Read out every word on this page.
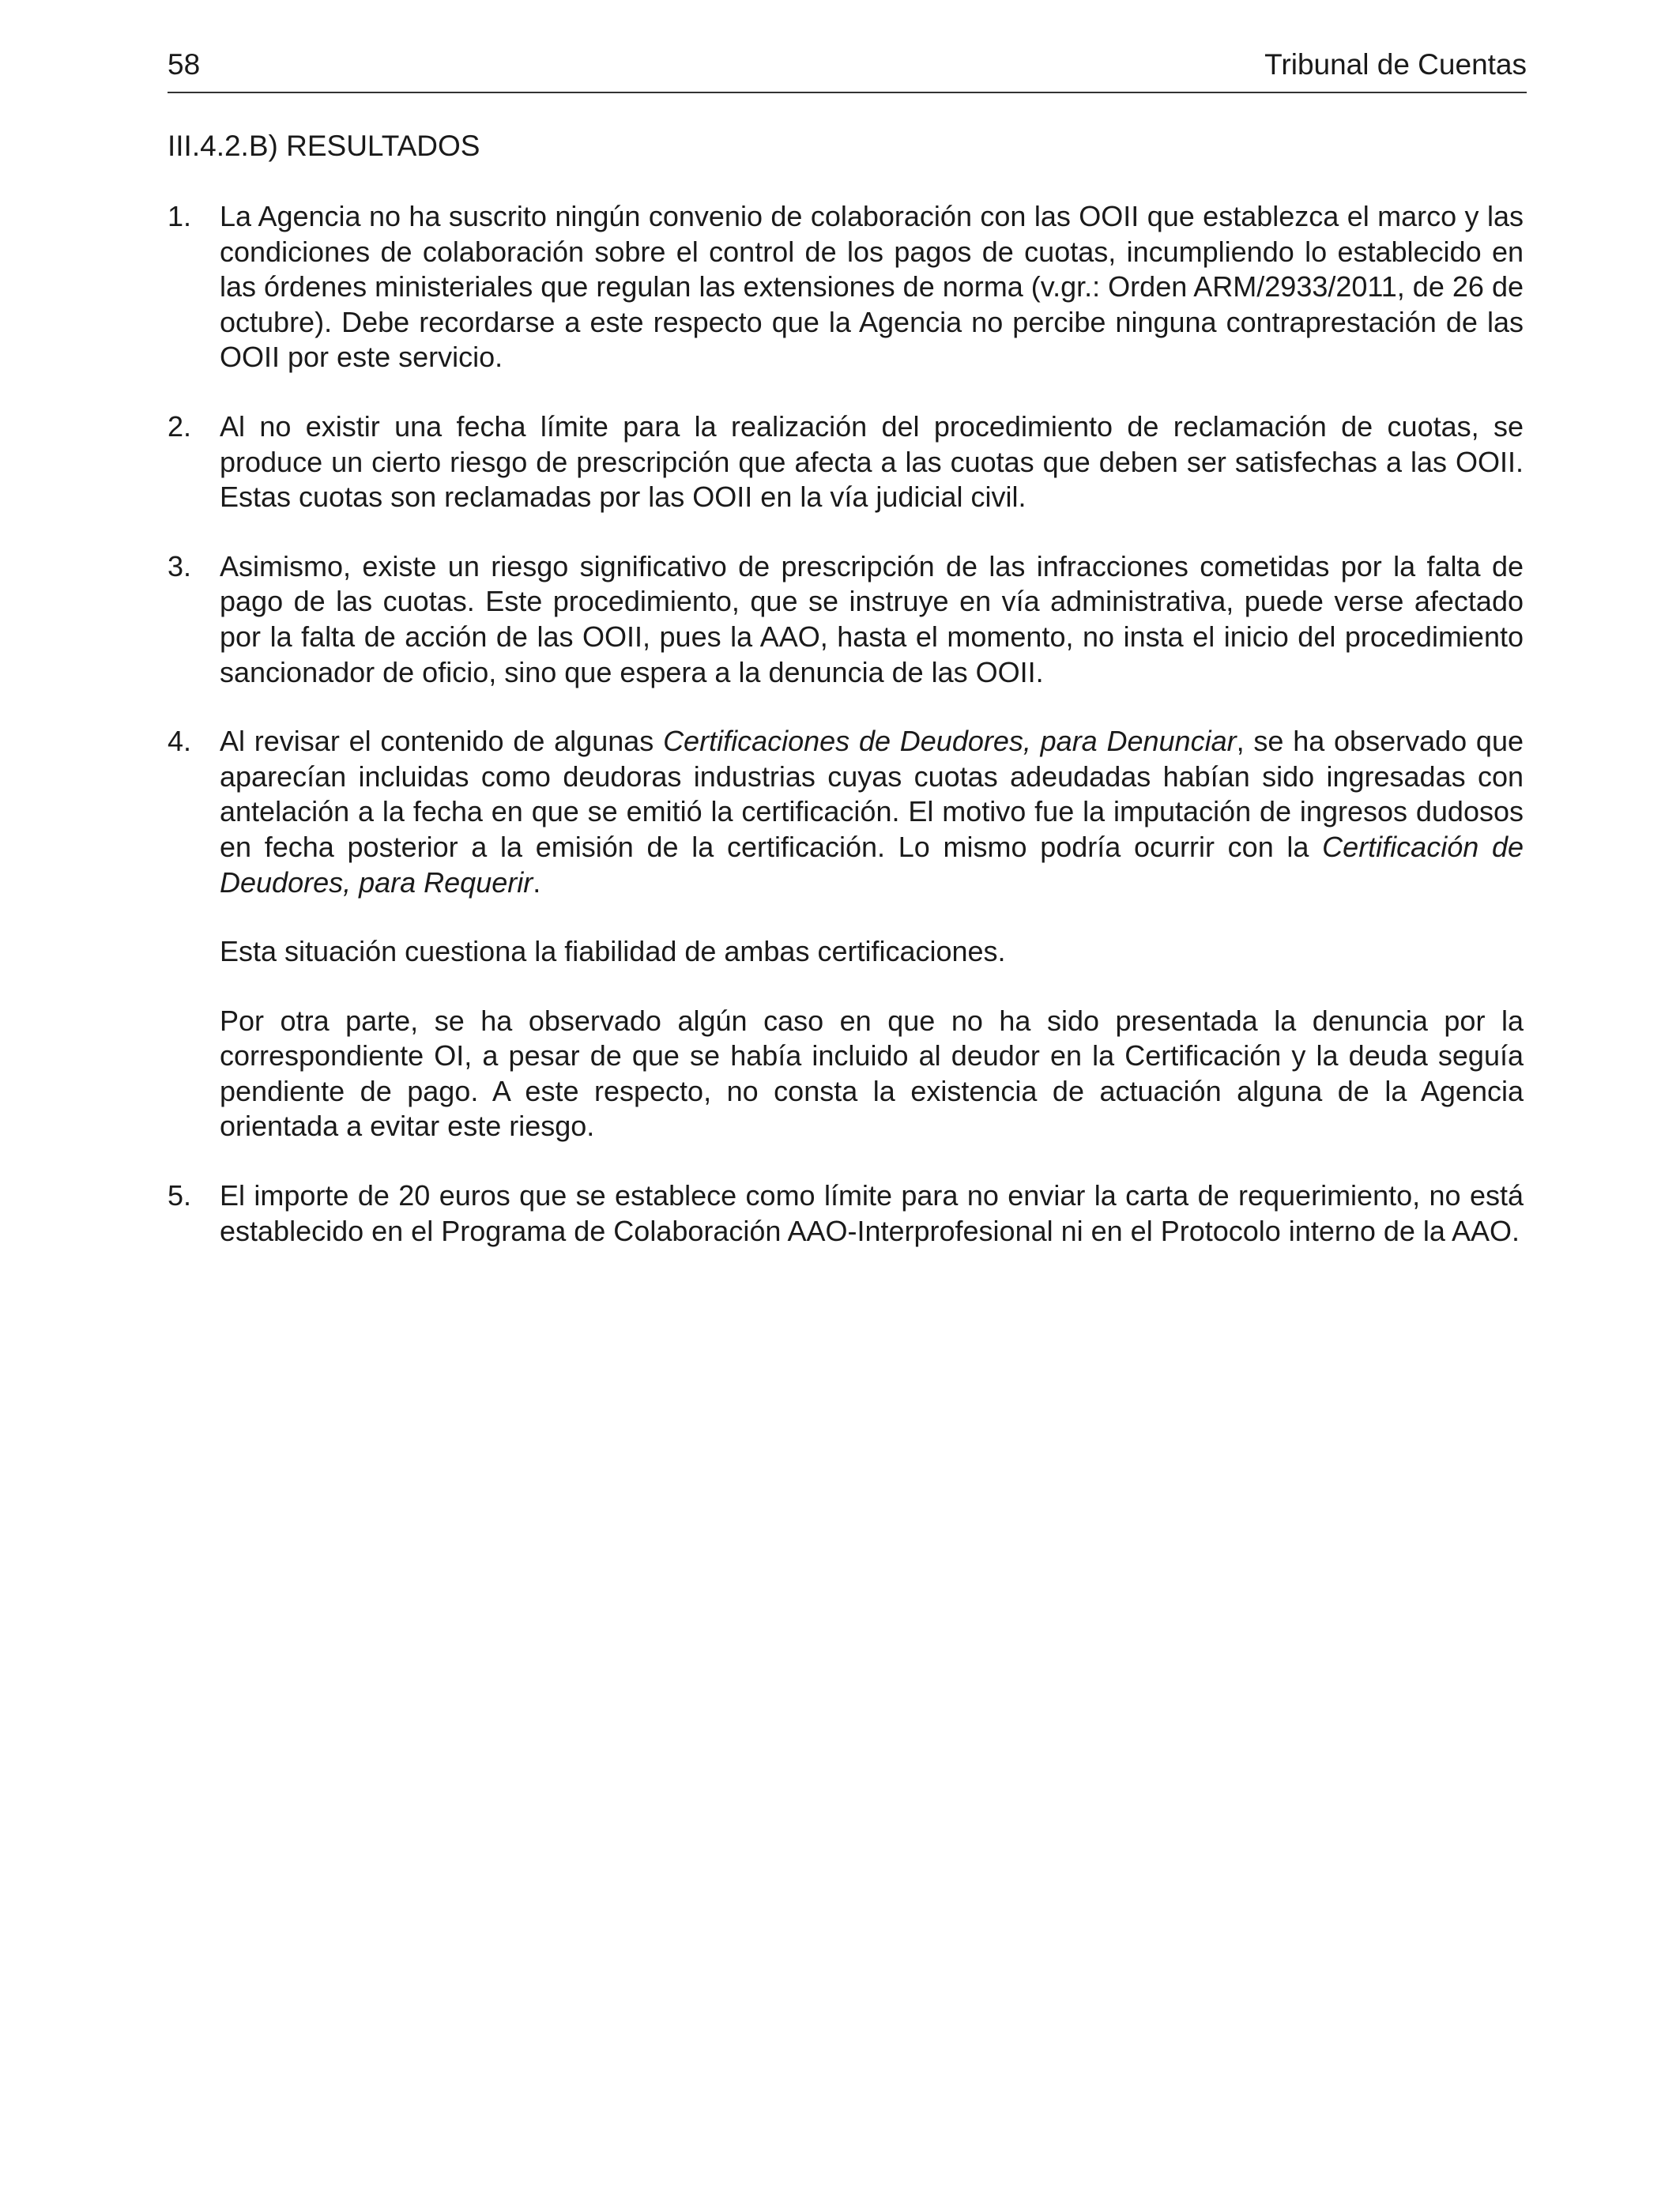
58	Tribunal de Cuentas
III.4.2.B) RESULTADOS
1. La Agencia no ha suscrito ningún convenio de colaboración con las OOII que establezca el marco y las condiciones de colaboración sobre el control de los pagos de cuotas, incumpliendo lo establecido en las órdenes ministeriales que regulan las extensiones de norma (v.gr.: Orden ARM/2933/2011, de 26 de octubre). Debe recordarse a este respecto que la Agencia no percibe ninguna contraprestación de las OOII por este servicio.

2. Al no existir una fecha límite para la realización del procedimiento de reclamación de cuotas, se produce un cierto riesgo de prescripción que afecta a las cuotas que deben ser satisfechas a las OOII. Estas cuotas son reclamadas por las OOII en la vía judicial civil.

3. Asimismo, existe un riesgo significativo de prescripción de las infracciones cometidas por la falta de pago de las cuotas. Este procedimiento, que se instruye en vía administrativa, puede verse afectado por la falta de acción de las OOII, pues la AAO, hasta el momento, no insta el inicio del procedimiento sancionador de oficio, sino que espera a la denuncia de las OOII.

4. Al revisar el contenido de algunas Certificaciones de Deudores, para Denunciar, se ha observado que aparecían incluidas como deudoras industrias cuyas cuotas adeudadas habían sido ingresadas con antelación a la fecha en que se emitió la certificación. El motivo fue la imputación de ingresos dudosos en fecha posterior a la emisión de la certificación. Lo mismo podría ocurrir con la Certificación de Deudores, para Requerir.

Esta situación cuestiona la fiabilidad de ambas certificaciones.

Por otra parte, se ha observado algún caso en que no ha sido presentada la denuncia por la correspondiente OI, a pesar de que se había incluido al deudor en la Certificación y la deuda seguía pendiente de pago. A este respecto, no consta la existencia de actuación alguna de la Agencia orientada a evitar este riesgo.

5. El importe de 20 euros que se establece como límite para no enviar la carta de requerimiento, no está establecido en el Programa de Colaboración AAO-Interprofesional ni en el Protocolo interno de la AAO.
